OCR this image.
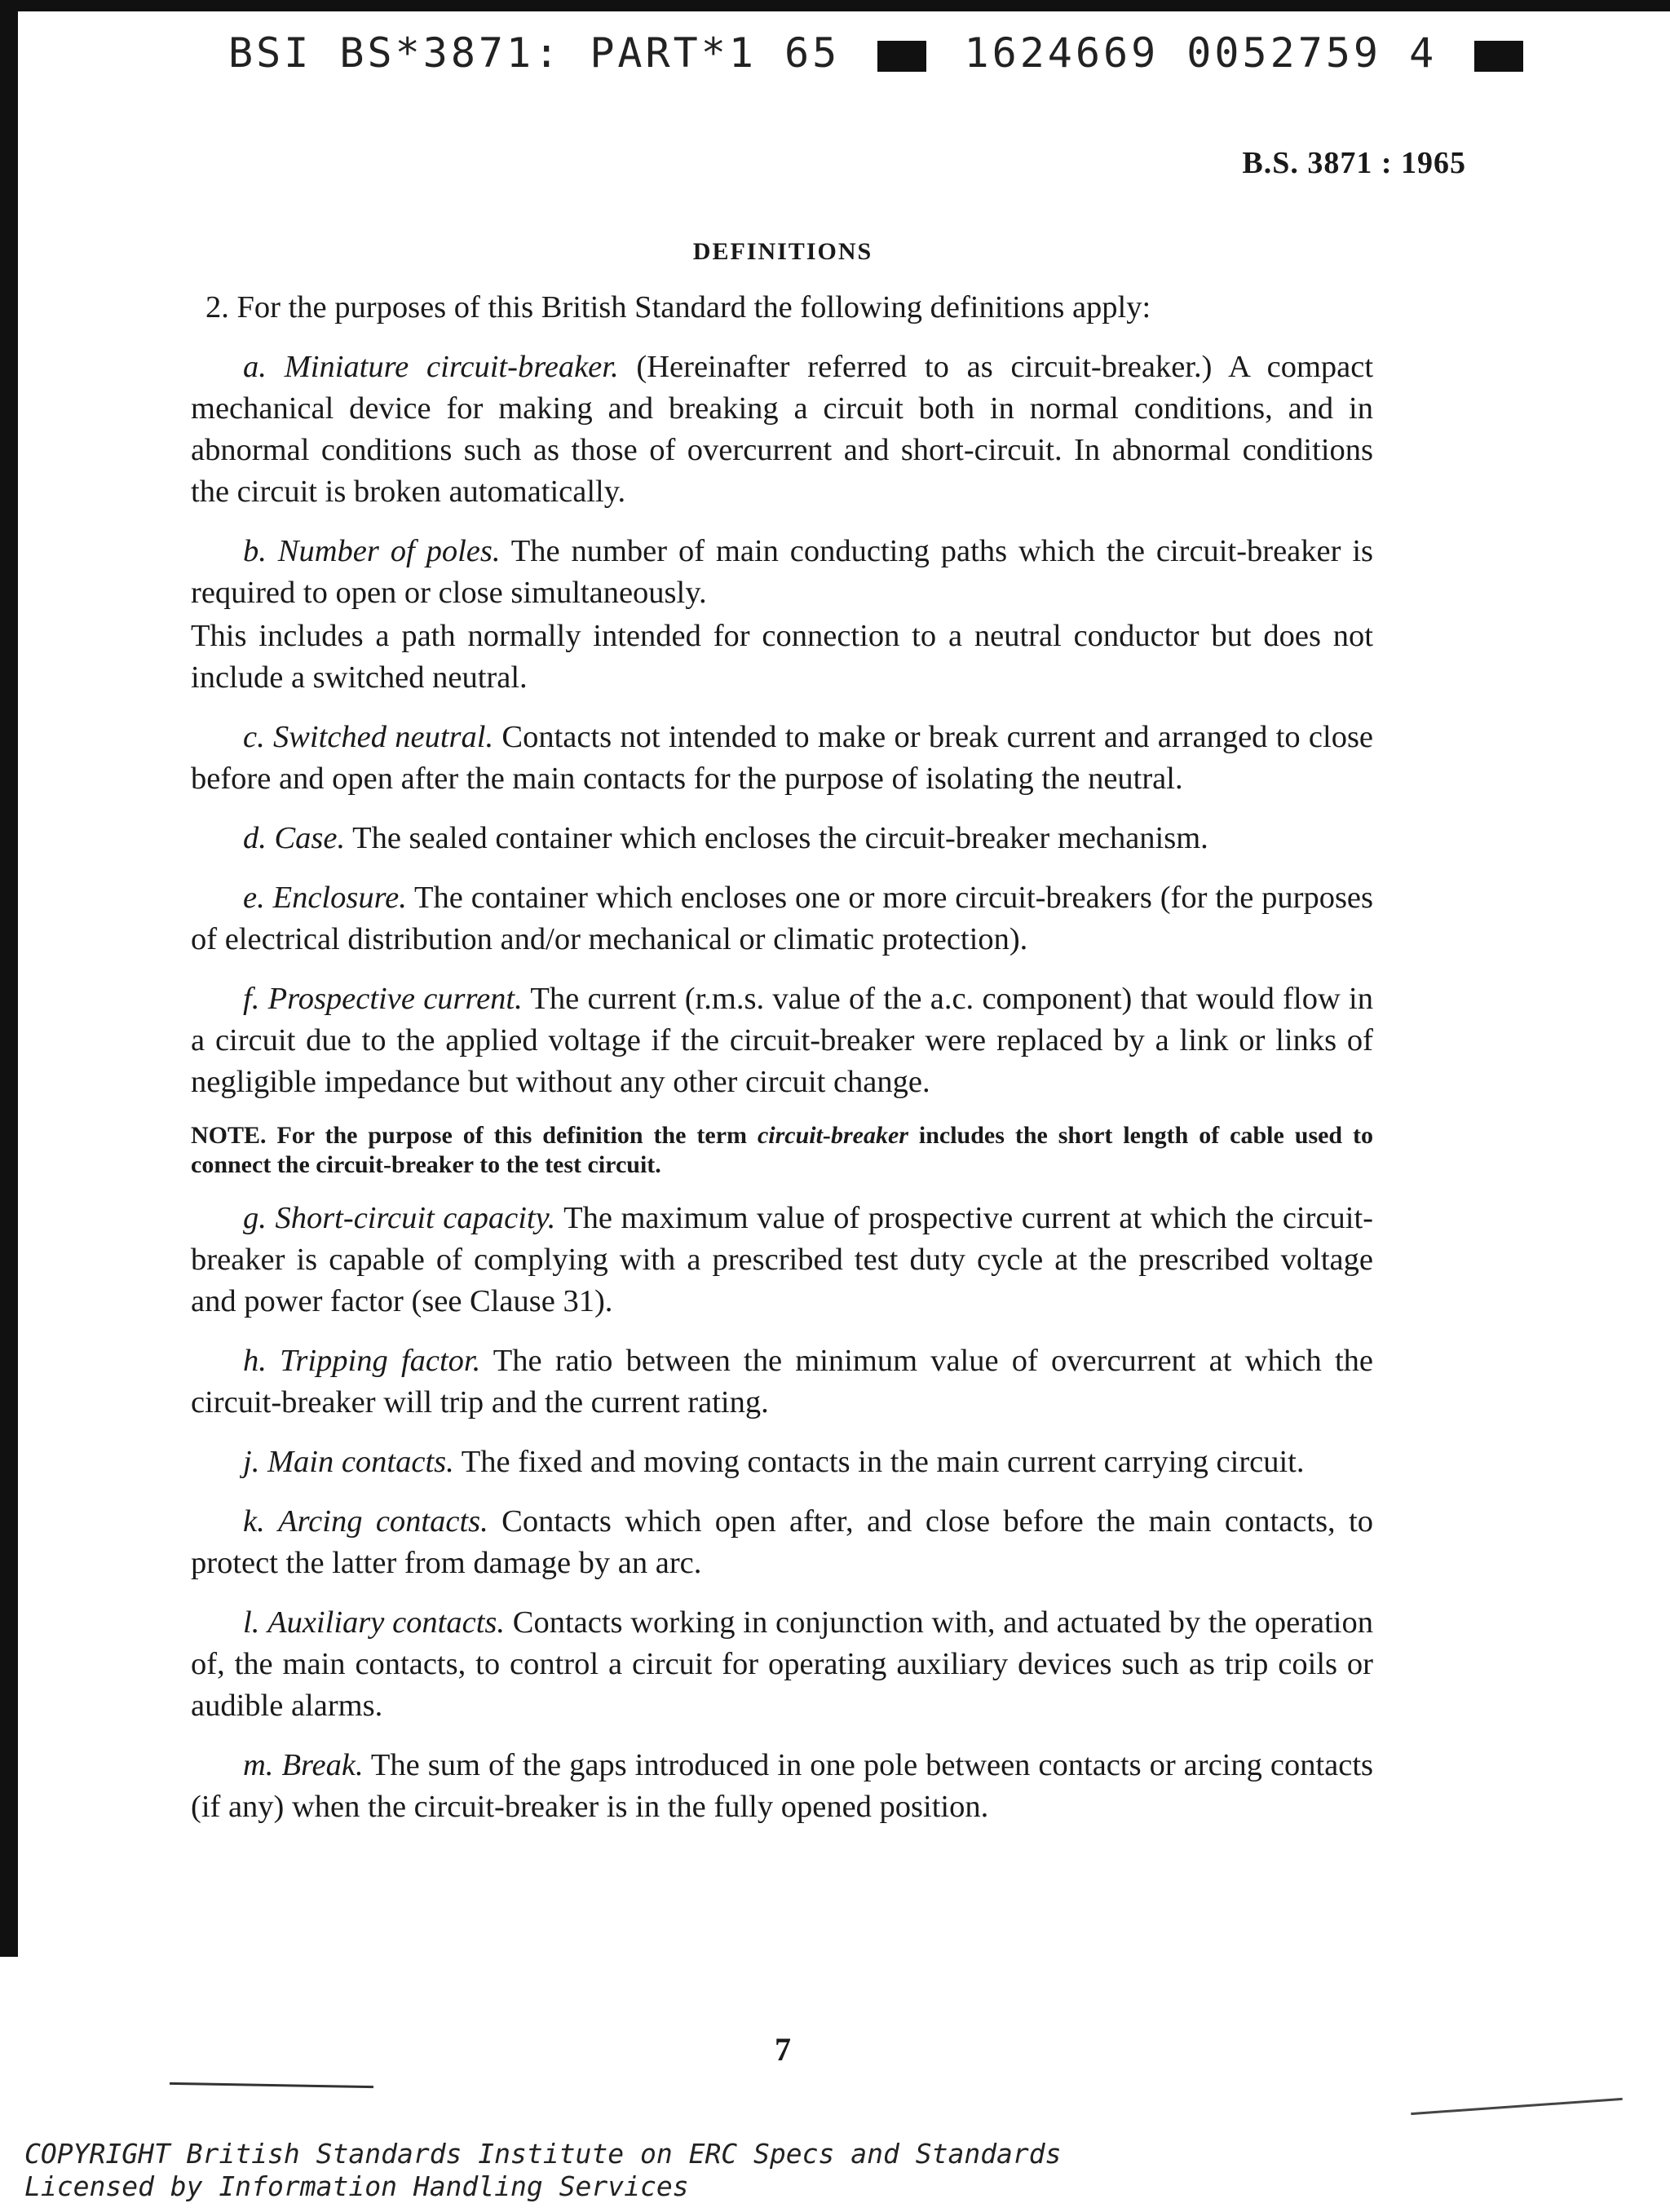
BSI BS*3871: PART*1 65	1624669 0052759 4
B.S. 3871 : 1965
DEFINITIONS

2. For the purposes of this British Standard the following definitions apply:

a. Miniature circuit-breaker. (Hereinafter referred to as circuit-breaker.) A compact mechanical device for making and breaking a circuit both in normal conditions, and in abnormal conditions such as those of overcurrent and short-circuit. In abnormal conditions the circuit is broken automatically.

b. Number of poles. The number of main conducting paths which the circuit-breaker is required to open or close simultaneously.

This includes a path normally intended for connection to a neutral conductor but does not include a switched neutral.

c. Switched neutral. Contacts not intended to make or break current and arranged to close before and open after the main contacts for the purpose of isolating the neutral.

d. Case. The sealed container which encloses the circuit-breaker mechanism.

e. Enclosure. The container which encloses one or more circuit-breakers (for the purposes of electrical distribution and/or mechanical or climatic protection).

f. Prospective current. The current (r.m.s. value of the a.c. component) that would flow in a circuit due to the applied voltage if the circuit-breaker were replaced by a link or links of negligible impedance but without any other circuit change.

NOTE. For the purpose of this definition the term circuit-breaker includes the short length of cable used to connect the circuit-breaker to the test circuit.

g. Short-circuit capacity. The maximum value of prospective current at which the circuit-breaker is capable of complying with a prescribed test duty cycle at the prescribed voltage and power factor (see Clause 31).

h. Tripping factor. The ratio between the minimum value of overcurrent at which the circuit-breaker will trip and the current rating.

j. Main contacts. The fixed and moving contacts in the main current carrying circuit.

k. Arcing contacts. Contacts which open after, and close before the main contacts, to protect the latter from damage by an arc.

l. Auxiliary contacts. Contacts working in conjunction with, and actuated by the operation of, the main contacts, to control a circuit for operating auxiliary devices such as trip coils or audible alarms.

m. Break. The sum of the gaps introduced in one pole between contacts or arcing contacts (if any) when the circuit-breaker is in the fully opened position.

7

COPYRIGHT British Standards Institute on ERC Specs and Standards

Licensed by Information Handling Services
